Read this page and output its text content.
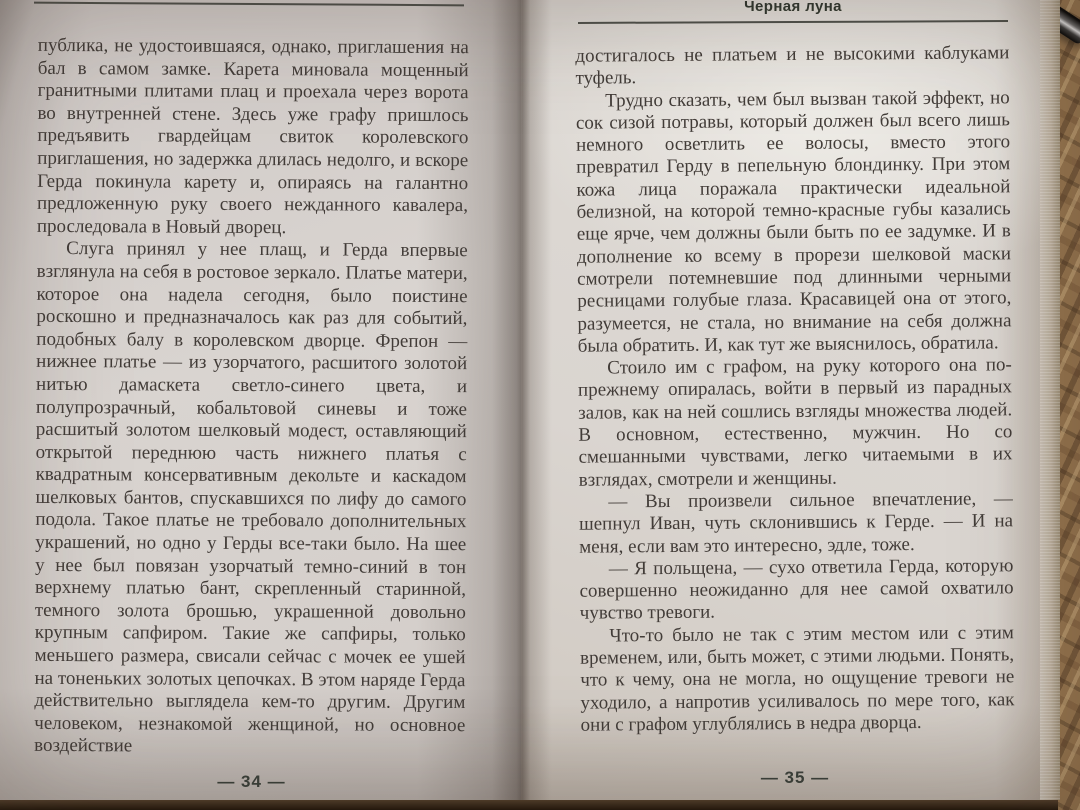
публика, не удостоившаяся, однако, приглашения на бал в самом замке. Карета миновала мощенный гранитными плитами плац и проехала через ворота во внутренней стене. Здесь уже графу пришлось предъявить гвардейцам свиток королевского приглашения, но задержка длилась недолго, и вскоре Герда покинула карету и, опираясь на галантно предложенную руку своего нежданного кавалера, проследовала в Новый дворец.

Слуга принял у нее плащ, и Герда впервые взглянула на себя в ростовое зеркало. Платье матери, которое она надела сегодня, было поистине роскошно и предназначалось как раз для событий, подобных балу в королевском дворце. Фрепон — нижнее платье — из узорчатого, расшитого золотой нитью дамаскета светло-синего цвета, и полупрозрачный, кобальтовой синевы и тоже расшитый золотом шелковый модест, оставляющий открытой переднюю часть нижнего платья с квадратным консервативным декольте и каскадом шелковых бантов, спускавшихся по лифу до самого подола. Такое платье не требовало дополнительных украшений, но одно у Герды все-таки было. На шее у нее был повязан узорчатый темно-синий в тон верхнему платью бант, скрепленный старинной, темного золота брошью, украшенной довольно крупным сапфиром. Такие же сапфиры, только меньшего размера, свисали сейчас с мочек ее ушей на тоненьких золотых цепочках. В этом наряде Герда действительно выглядела кем-то другим. Другим человеком, незнакомой женщиной, но основное воздействие

— 34 —
Черная луна

достигалось не платьем и не высокими каблуками туфель.

Трудно сказать, чем был вызван такой эффект, но сок сизой потравы, который должен был всего лишь немного осветлить ее волосы, вместо этого превратил Герду в пепельную блондинку. При этом кожа лица поражала практически идеальной белизной, на которой темно-красные губы казались еще ярче, чем должны были быть по ее задумке. И в дополнение ко всему в прорези шелковой маски смотрели потемневшие под длинными черными ресницами голубые глаза. Красавицей она от этого, разумеется, не стала, но внимание на себя должна была обратить. И, как тут же выяснилось, обратила.

Стоило им с графом, на руку которого она по-прежнему опиралась, войти в первый из парадных залов, как на ней сошлись взгляды множества людей. В основном, естественно, мужчин. Но со смешанными чувствами, легко читаемыми в их взглядах, смотрели и женщины.

— Вы произвели сильное впечатление, — шепнул Иван, чуть склонившись к Герде. — И на меня, если вам это интересно, эдле, тоже.

— Я польщена, — сухо ответила Герда, которую совершенно неожиданно для нее самой охватило чувство тревоги.

Что-то было не так с этим местом или с этим временем, или, быть может, с этими людьми. Понять, что к чему, она не могла, но ощущение тревоги не уходило, а напротив усиливалось по мере того, как они с графом углублялись в недра дворца.

— 35 —
